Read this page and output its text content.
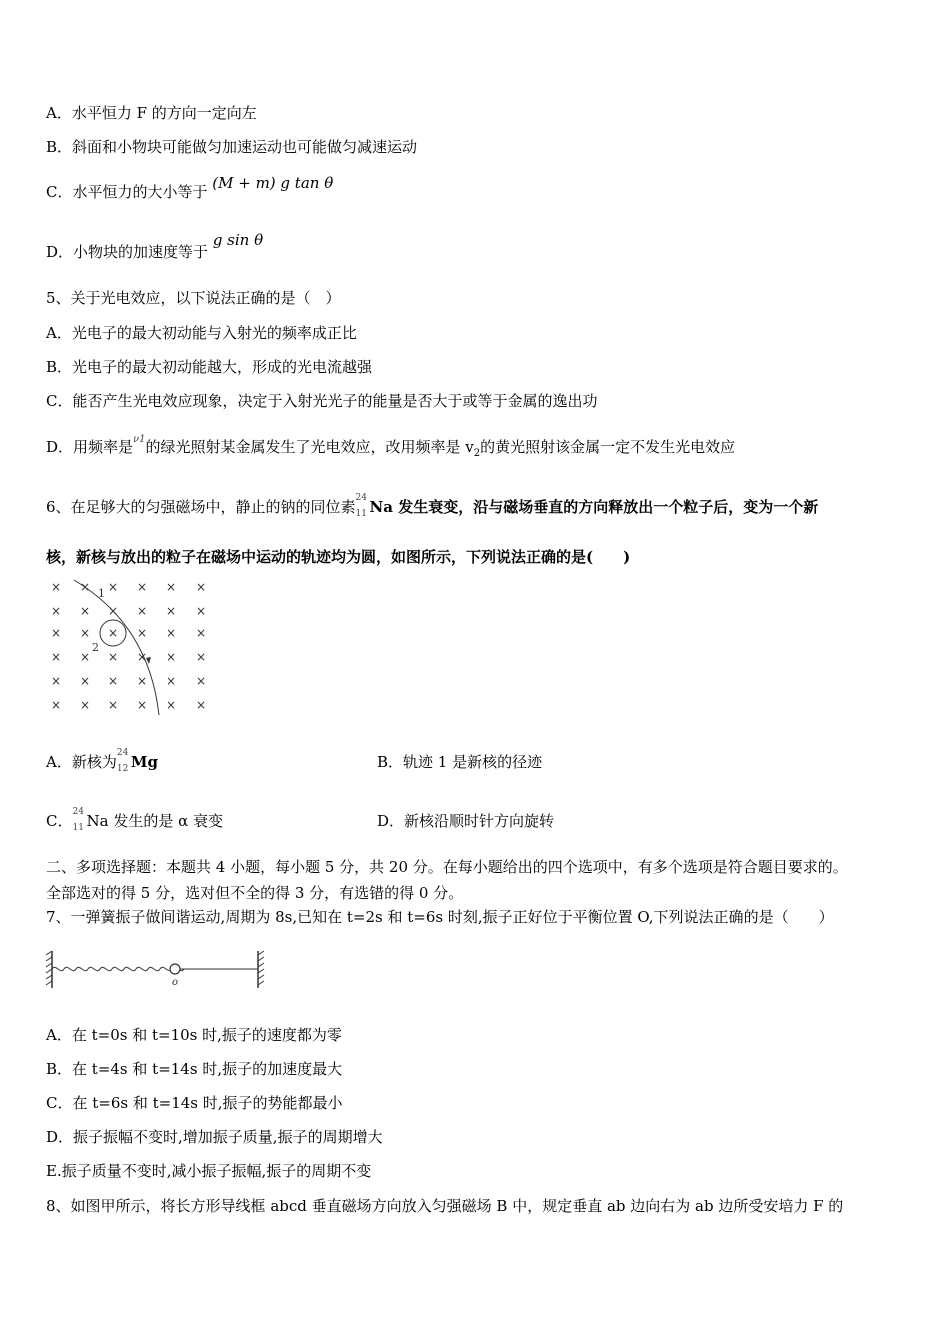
A．水平恒力 F 的方向一定向左
B．斜面和小物块可能做匀加速运动也可能做匀减速运动
C．水平恒力的大小等于 (M + m) g tan θ
D．小物块的加速度等于 g sin θ
5、关于光电效应，以下说法正确的是（　）
A．光电子的最大初动能与入射光的频率成正比
B．光电子的最大初动能越大，形成的光电流越强
C．能否产生光电效应现象，决定于入射光光子的能量是否大于或等于金属的逸出功
D．用频率是$^{\nu 1}$的绿光照射某金属发生了光电效应，改用频率是 $v_2$的黄光照射该金属一定不发生光电效应
6、在足够大的匀强磁场中，静止的钠的同位素 24
11 Na 发生衰变，沿与磁场垂直的方向释放出一个粒子后，变为一个新
核，新核与放出的粒子在磁场中运动的轨迹均为圆，如图所示，下列说法正确的是(　　)
× × × × × ×
× × × × × ×
× × × × × ×
× × × × × ×
× × × × × ×
× × × × × ×
1
2
A．新核为 24
12 Mg	B．轨迹 1 是新核的径迹
C． 24
11 Na 发生的是 α 衰变	D．新核沿顺时针方向旋转
二、多项选择题：本题共 4 小题，每小题 5 分，共 20 分。在每小题给出的四个选项中，有多个选项是符合题目要求的。
全部选对的得 5 分，选对但不全的得 3 分，有选错的得 0 分。
7、一弹簧振子做间谐运动,周期为 8s,已知在 t=2s 和 t=6s 时刻,振子正好位于平衡位置 O,下列说法正确的是（　　）
o
A．在 t=0s 和 t=10s 时,振子的速度都为零
B．在 t=4s 和 t=14s 时,振子的加速度最大
C．在 t=6s 和 t=14s 时,振子的势能都最小
D．振子振幅不变时,增加振子质量,振子的周期增大
E.振子质量不变时,减小振子振幅,振子的周期不变
8、如图甲所示，将长方形导线框 abcd 垂直磁场方向放入匀强磁场 B 中，规定垂直 ab 边向右为 ab 边所受安培力 F 的
